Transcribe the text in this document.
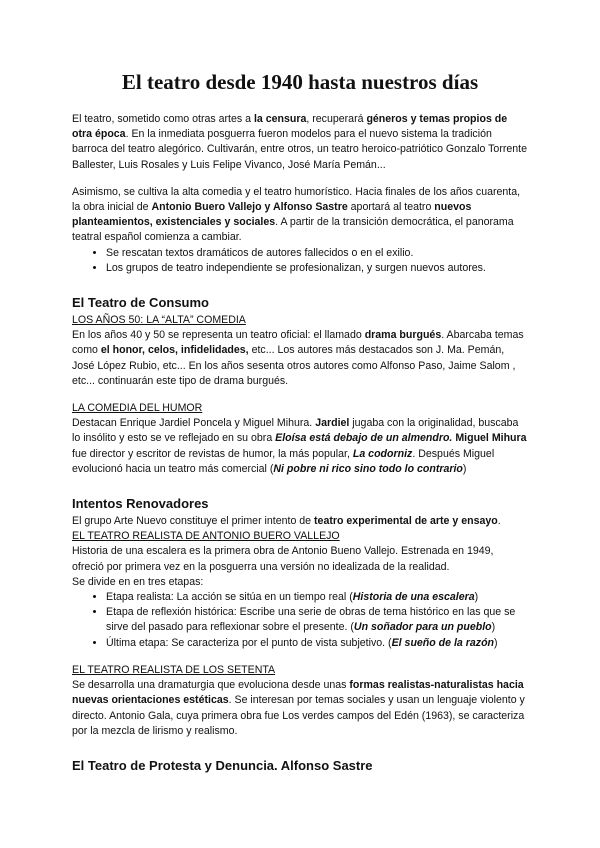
El teatro desde 1940 hasta nuestros días

El teatro, sometido como otras artes a la censura, recuperará géneros y temas propios de otra época. En la inmediata posguerra fueron modelos para el nuevo sistema la tradición barroca del teatro alegórico. Cultivarán, entre otros, un teatro heroico-patriótico Gonzalo Torrente Ballester, Luis Rosales y Luis Felipe Vivanco, José María Pemán...

Asimismo, se cultiva la alta comedia y el teatro humorístico. Hacia finales de los años cuarenta, la obra inicial de Antonio Buero Vallejo y Alfonso Sastre aportará al teatro nuevos planteamientos, existenciales y sociales. A partir de la transición democrática, el panorama teatral español comienza a cambiar.

• Se rescatan textos dramáticos de autores fallecidos o en el exilio.
• Los grupos de teatro independiente se profesionalizan, y surgen nuevos autores.
El Teatro de Consumo

LOS AÑOS 50: LA “ALTA” COMEDIA

En los años 40 y 50 se representa un teatro oficial: el llamado drama burgués. Abarcaba temas como el honor, celos, infidelidades, etc... Los autores más destacados son J. Ma. Pemán, José López Rubio, etc... En los años sesenta otros autores como Alfonso Paso, Jaime Salom , etc... continuarán este tipo de drama burgués.

LA COMEDIA DEL HUMOR

Destacan Enrique Jardiel Poncela y Miguel Mihura. Jardiel jugaba con la originalidad, buscaba lo insólito y esto se ve reflejado en su obra Eloísa está debajo de un almendro. Miguel Mihura fue director y escritor de revistas de humor, la más popular, La codorniz. Después Miguel evolucionó hacia un teatro más comercial (Ni pobre ni rico sino todo lo contrario)

Intentos Renovadores

El grupo Arte Nuevo constituye el primer intento de teatro experimental de arte y ensayo.

EL TEATRO REALISTA DE ANTONIO BUERO VALLEJO

Historia de una escalera es la primera obra de Antonio Bueno Vallejo. Estrenada en 1949, ofreció por primera vez en la posguerra una versión no idealizada de la realidad.

Se divide en en tres etapas:

• Etapa realista: La acción se sitúa en un tiempo real (Historia de una escalera)
• Etapa de reflexión histórica: Escribe una serie de obras de tema histórico en las que se sirve del pasado para reflexionar sobre el presente. (Un soñador para un pueblo)
• Última etapa: Se caracteriza por el punto de vista subjetivo. (El sueño de la razón)

EL TEATRO REALISTA DE LOS SETENTA

Se desarrolla una dramaturgia que evoluciona desde unas formas realistas-naturalistas hacia nuevas orientaciones estéticas. Se interesan por temas sociales y usan un lenguaje violento y directo. Antonio Gala, cuya primera obra fue Los verdes campos del Edén (1963), se caracteriza por la mezcla de lirismo y realismo.

El Teatro de Protesta y Denuncia. Alfonso Sastre
